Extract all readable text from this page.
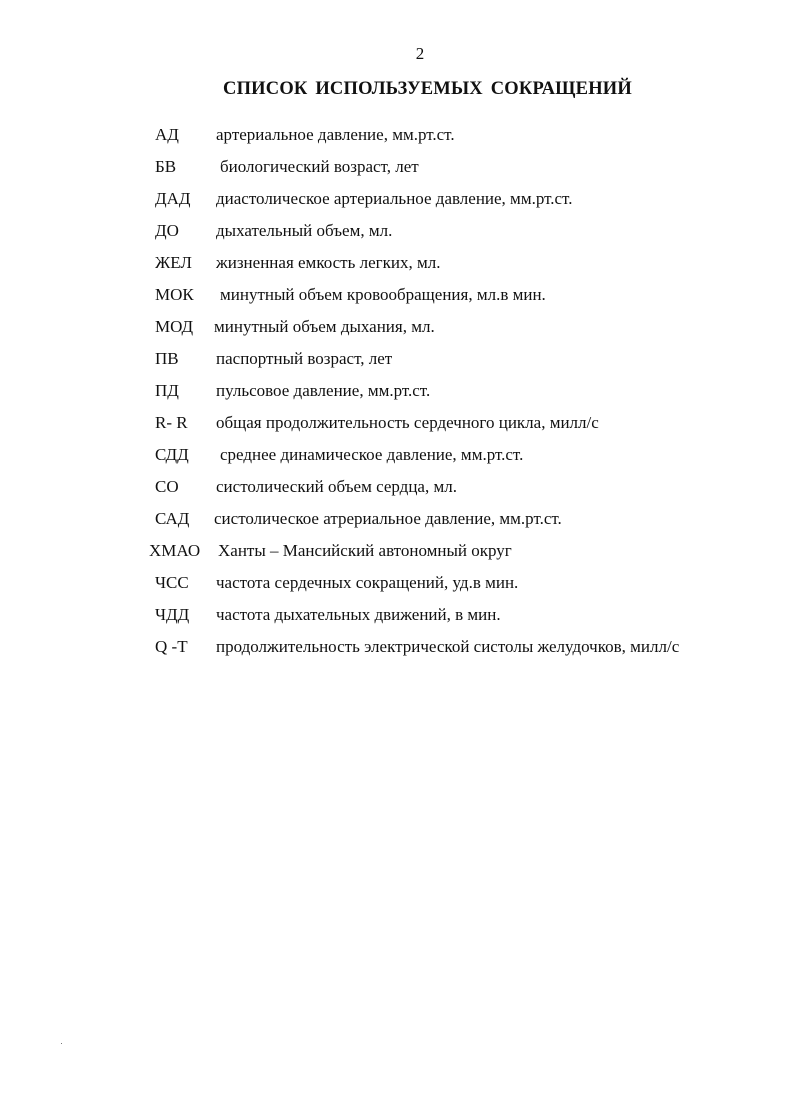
2
СПИСОК ИСПОЛЬЗУЕМЫХ СОКРАЩЕНИЙ
АД артериальное давление, мм.рт.ст.
БВ	биологический возраст, лет
ДАД диастолическое артериальное давление, мм.рт.ст.
ДО дыхательный объем, мл.
ЖЕЛ жизненная емкость легких, мл.
МОК минутный объем кровообращения, мл.в мин.
МОД минутный объем дыхания, мл.
ПВ паспортный возраст, лет
ПД пульсовое давление, мм.рт.ст.
R- R общая продолжительность сердечного цикла, милл/с
СДД среднее динамическое давление, мм.рт.ст.
СО систолический объем сердца, мл.
САД систолическое атрериальное давление, мм.рт.ст.
ХМАО Ханты – Мансийский автономный округ
ЧСС частота сердечных сокращений, уд.в мин.
ЧДД частота дыхательных движений, в мин.
Q -T продолжительность электрической систолы желудочков, милл/с
